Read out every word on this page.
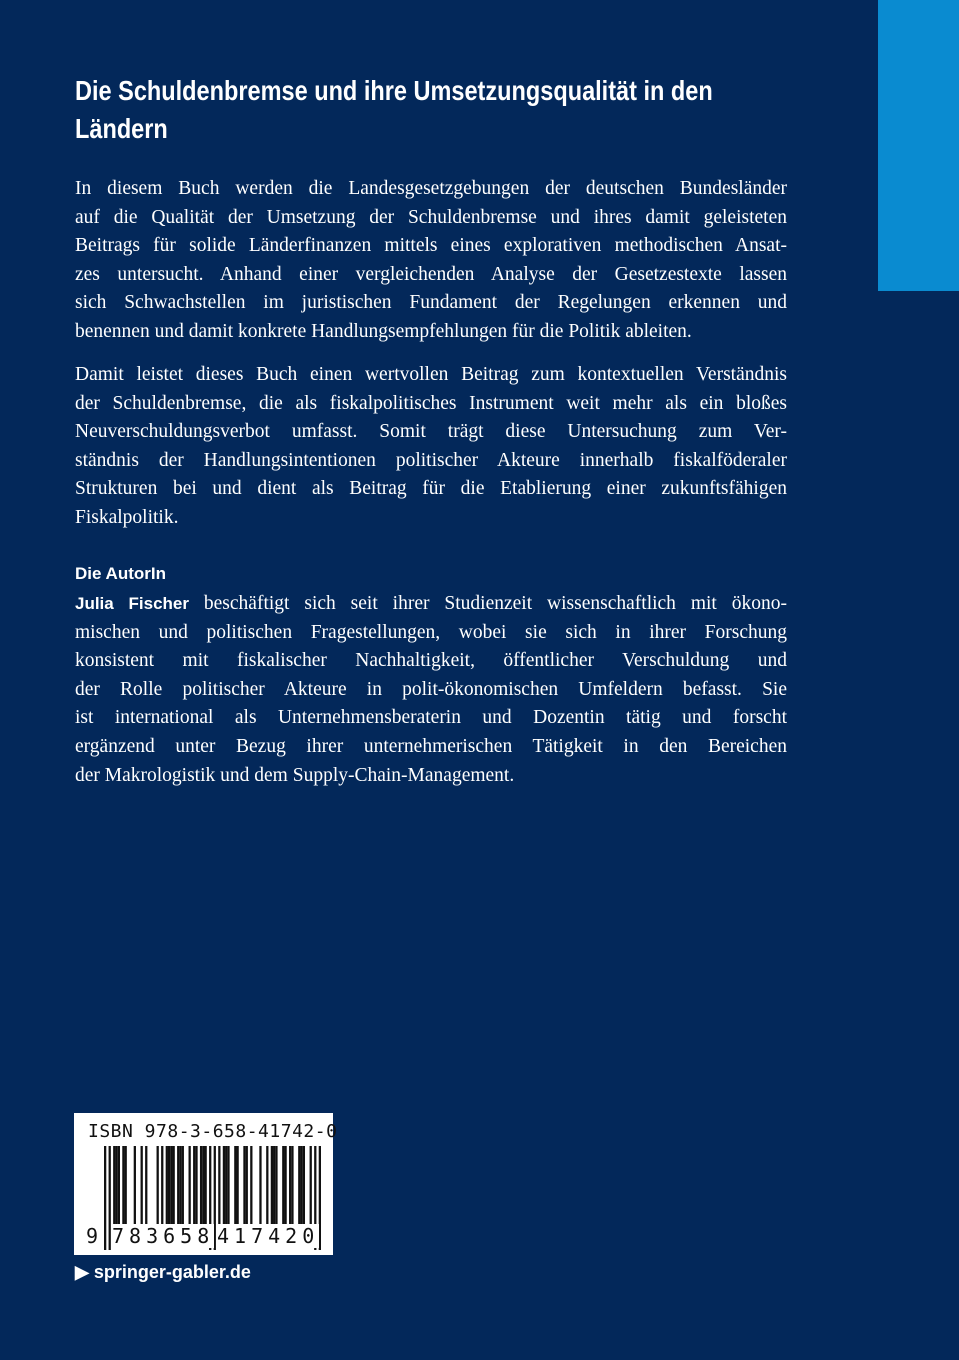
Die Schuldenbremse und ihre Umsetzungsqualität in den
Ländern
In diesem Buch werden die Landesgesetzgebungen der deutschen Bundesländer
auf die Qualität der Umsetzung der Schuldenbremse und ihres damit geleisteten
Beitrags für solide Länderfinanzen mittels eines explorativen methodischen Ansat-
zes untersucht. Anhand einer vergleichenden Analyse der Gesetzestexte lassen
sich Schwachstellen im juristischen Fundament der Regelungen erkennen und
benennen und damit konkrete Handlungsempfehlungen für die Politik ableiten.
Damit leistet dieses Buch einen wertvollen Beitrag zum kontextuellen Verständnis
der Schuldenbremse, die als fiskalpolitisches Instrument weit mehr als ein bloßes
Neuverschuldungsverbot umfasst. Somit trägt diese Untersuchung zum Ver-
ständnis der Handlungsintentionen politischer Akteure innerhalb fiskalföderaler
Strukturen bei und dient als Beitrag für die Etablierung einer zukunftsfähigen
Fiskalpolitik.
Die AutorIn
Julia Fischer beschäftigt sich seit ihrer Studienzeit wissenschaftlich mit ökono-
mischen und politischen Fragestellungen, wobei sie sich in ihrer Forschung
konsistent mit fiskalischer Nachhaltigkeit, öffentlicher Verschuldung und
der Rolle politischer Akteure in polit-ökonomischen Umfeldern befasst. Sie
ist international als Unternehmensberaterin und Dozentin tätig und forscht
ergänzend unter Bezug ihrer unternehmerischen Tätigkeit in den Bereichen
der Makrologistik und dem Supply-Chain-Management.
ISBN 978-3-658-41742-0
9 783658 417420
▶ springer-gabler.de
